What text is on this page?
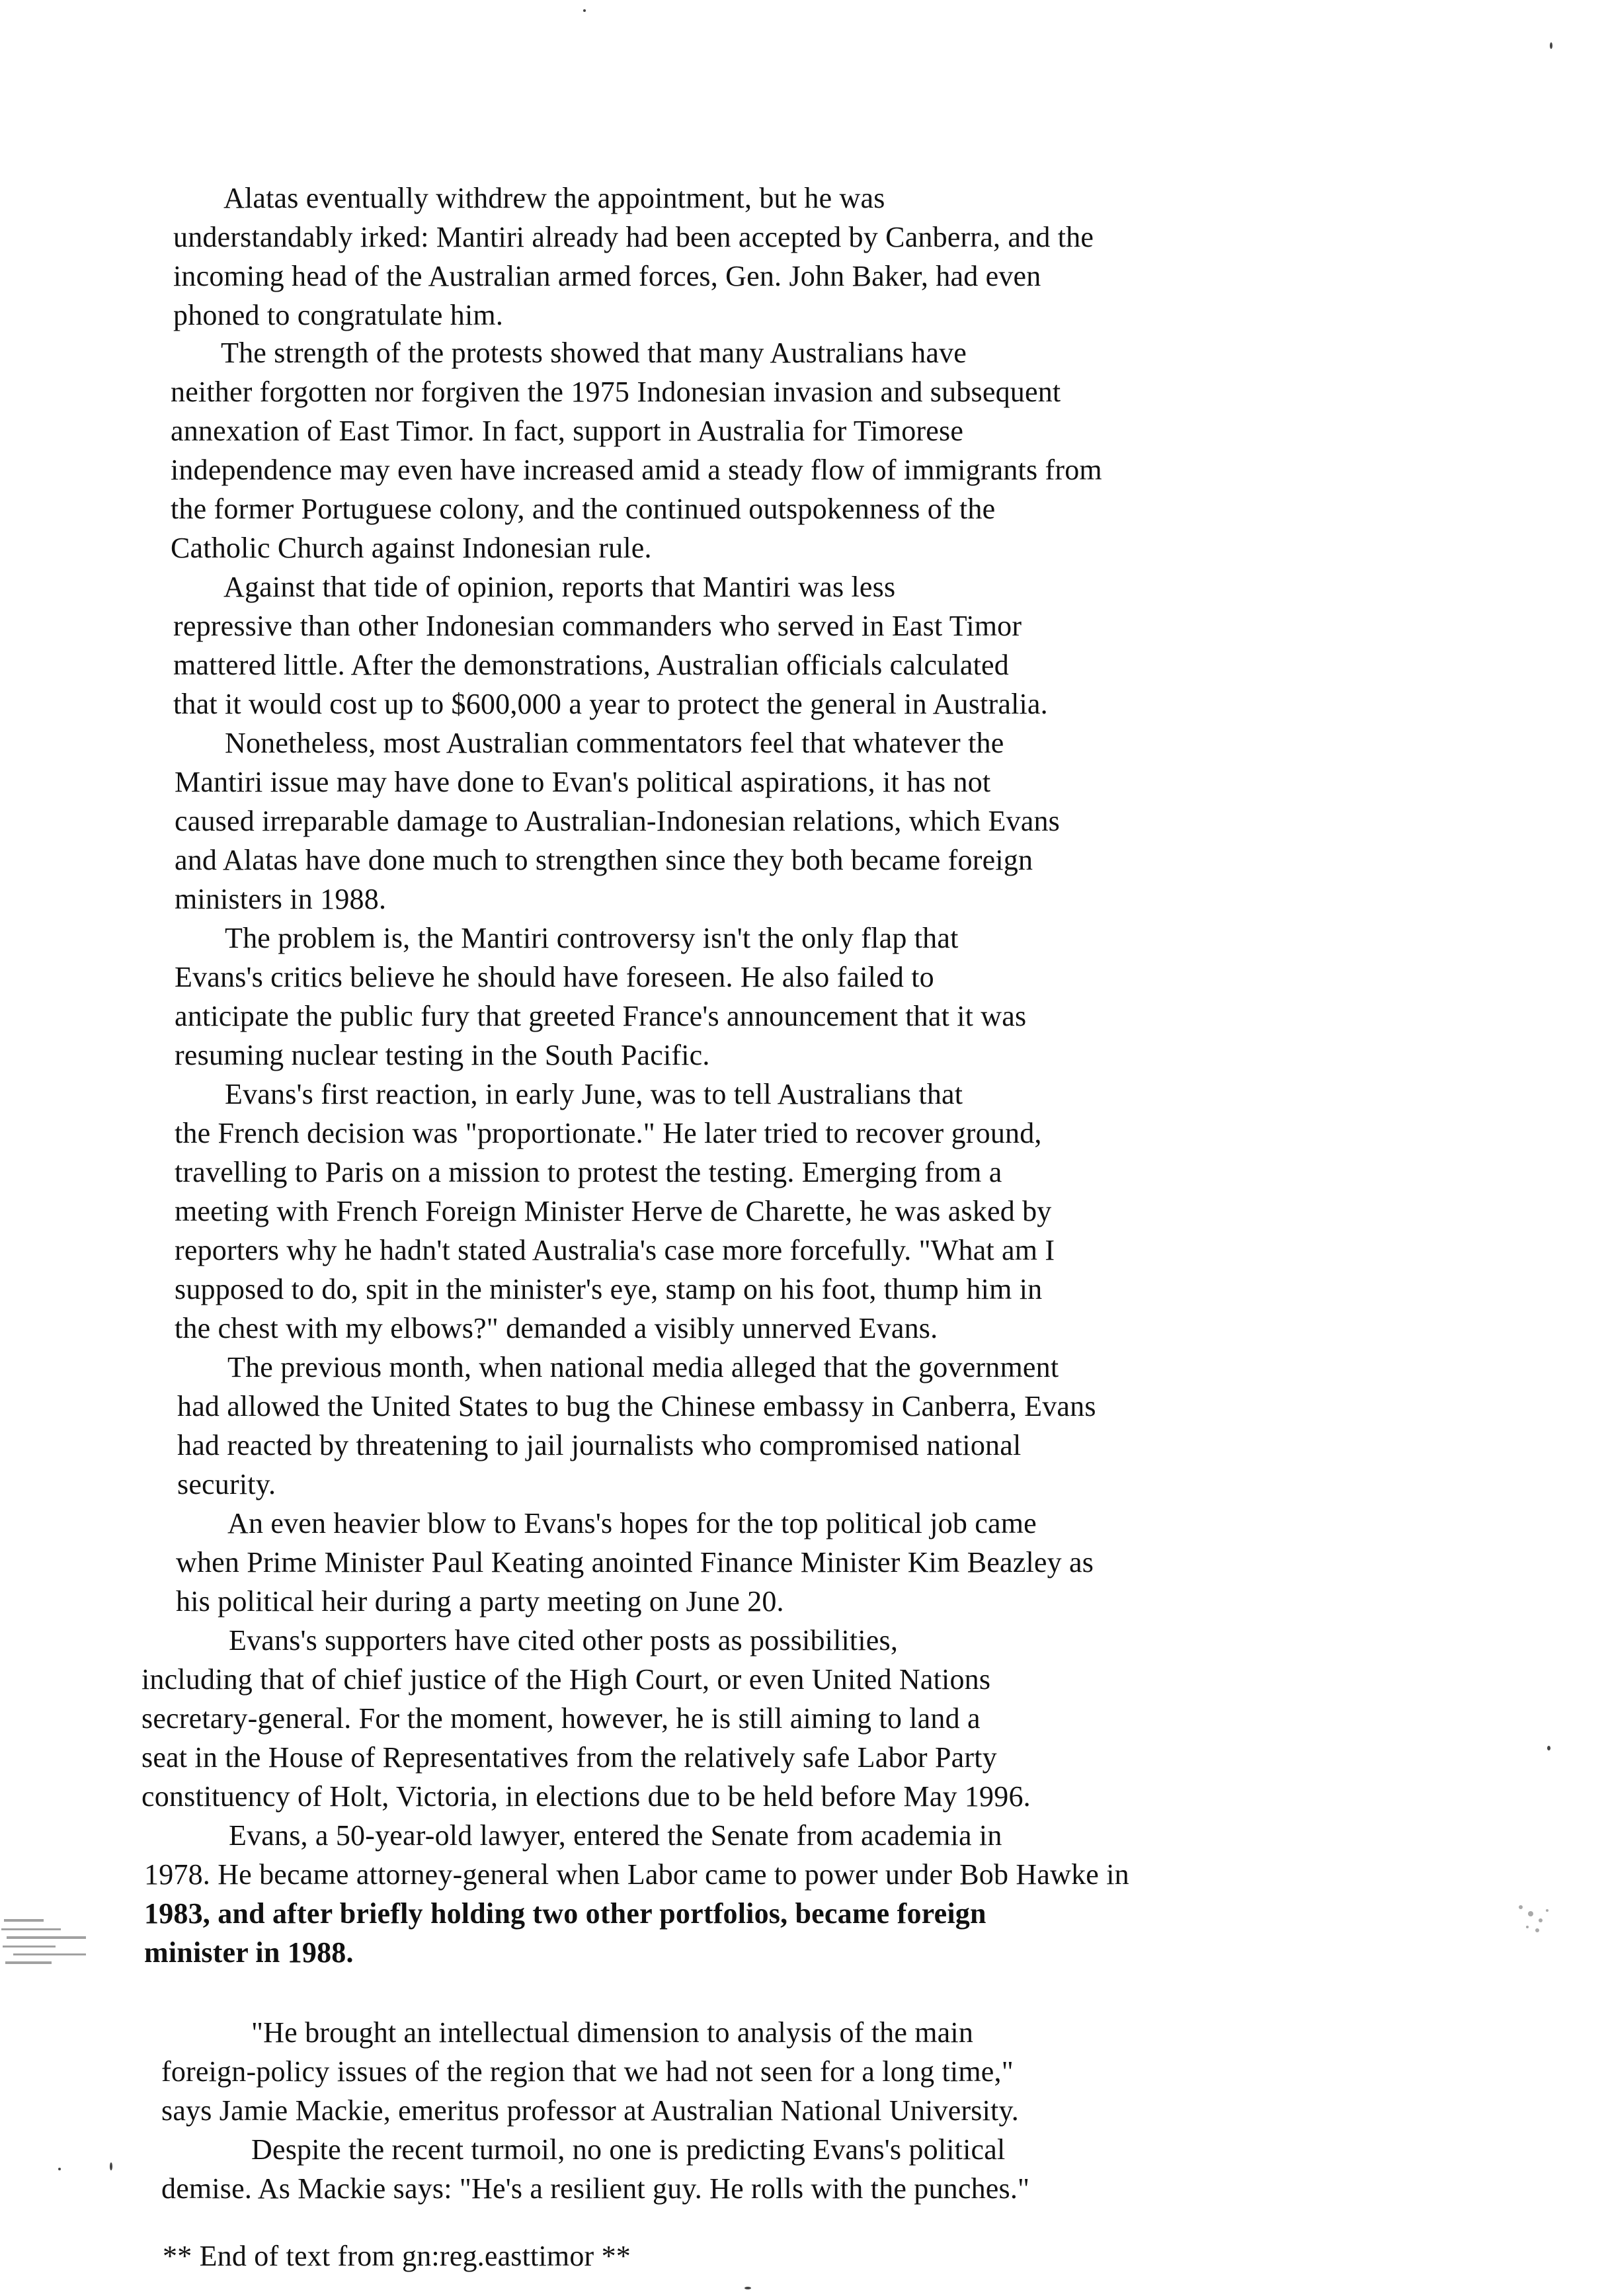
Alatas eventually withdrew the appointment, but he was
understandably irked: Mantiri already had been accepted by Canberra, and the
incoming head of the Australian armed forces, Gen. John Baker, had even
phoned to congratulate him.
The strength of the protests showed that many Australians have
neither forgotten nor forgiven the 1975 Indonesian invasion and subsequent
annexation of East Timor. In fact, support in Australia for Timorese
independence may even have increased amid a steady flow of immigrants from
the former Portuguese colony, and the continued outspokenness of the
Catholic Church against Indonesian rule.
Against that tide of opinion, reports that Mantiri was less
repressive than other Indonesian commanders who served in East Timor
mattered little. After the demonstrations, Australian officials calculated
that it would cost up to $600,000 a year to protect the general in Australia.
Nonetheless, most Australian commentators feel that whatever the
Mantiri issue may have done to Evan's political aspirations, it has not
caused irreparable damage to Australian-Indonesian relations, which Evans
and Alatas have done much to strengthen since they both became foreign
ministers in 1988.
The problem is, the Mantiri controversy isn't the only flap that
Evans's critics believe he should have foreseen. He also failed to
anticipate the public fury that greeted France's announcement that it was
resuming nuclear testing in the South Pacific.
Evans's first reaction, in early June, was to tell Australians that
the French decision was "proportionate." He later tried to recover ground,
travelling to Paris on a mission to protest the testing. Emerging from a
meeting with French Foreign Minister Herve de Charette, he was asked by
reporters why he hadn't stated Australia's case more forcefully. "What am I
supposed to do, spit in the minister's eye, stamp on his foot, thump him in
the chest with my elbows?" demanded a visibly unnerved Evans.
The previous month, when national media alleged that the government
had allowed the United States to bug the Chinese embassy in Canberra, Evans
had reacted by threatening to jail journalists who compromised national
security.
An even heavier blow to Evans's hopes for the top political job came
when Prime Minister Paul Keating anointed Finance Minister Kim Beazley as
his political heir during a party meeting on June 20.
Evans's supporters have cited other posts as possibilities,
including that of chief justice of the High Court, or even United Nations
secretary-general. For the moment, however, he is still aiming to land a
seat in the House of Representatives from the relatively safe Labor Party
constituency of Holt, Victoria, in elections due to be held before May 1996.
Evans, a 50-year-old lawyer, entered the Senate from academia in
1978. He became attorney-general when Labor came to power under Bob Hawke in
1983, and after briefly holding two other portfolios, became foreign
minister in 1988.
"He brought an intellectual dimension to analysis of the main
foreign-policy issues of the region that we had not seen for a long time,"
says Jamie Mackie, emeritus professor at Australian National University.
Despite the recent turmoil, no one is predicting Evans's political
demise. As Mackie says: "He's a resilient guy. He rolls with the punches."
** End of text from gn:reg.easttimor **
